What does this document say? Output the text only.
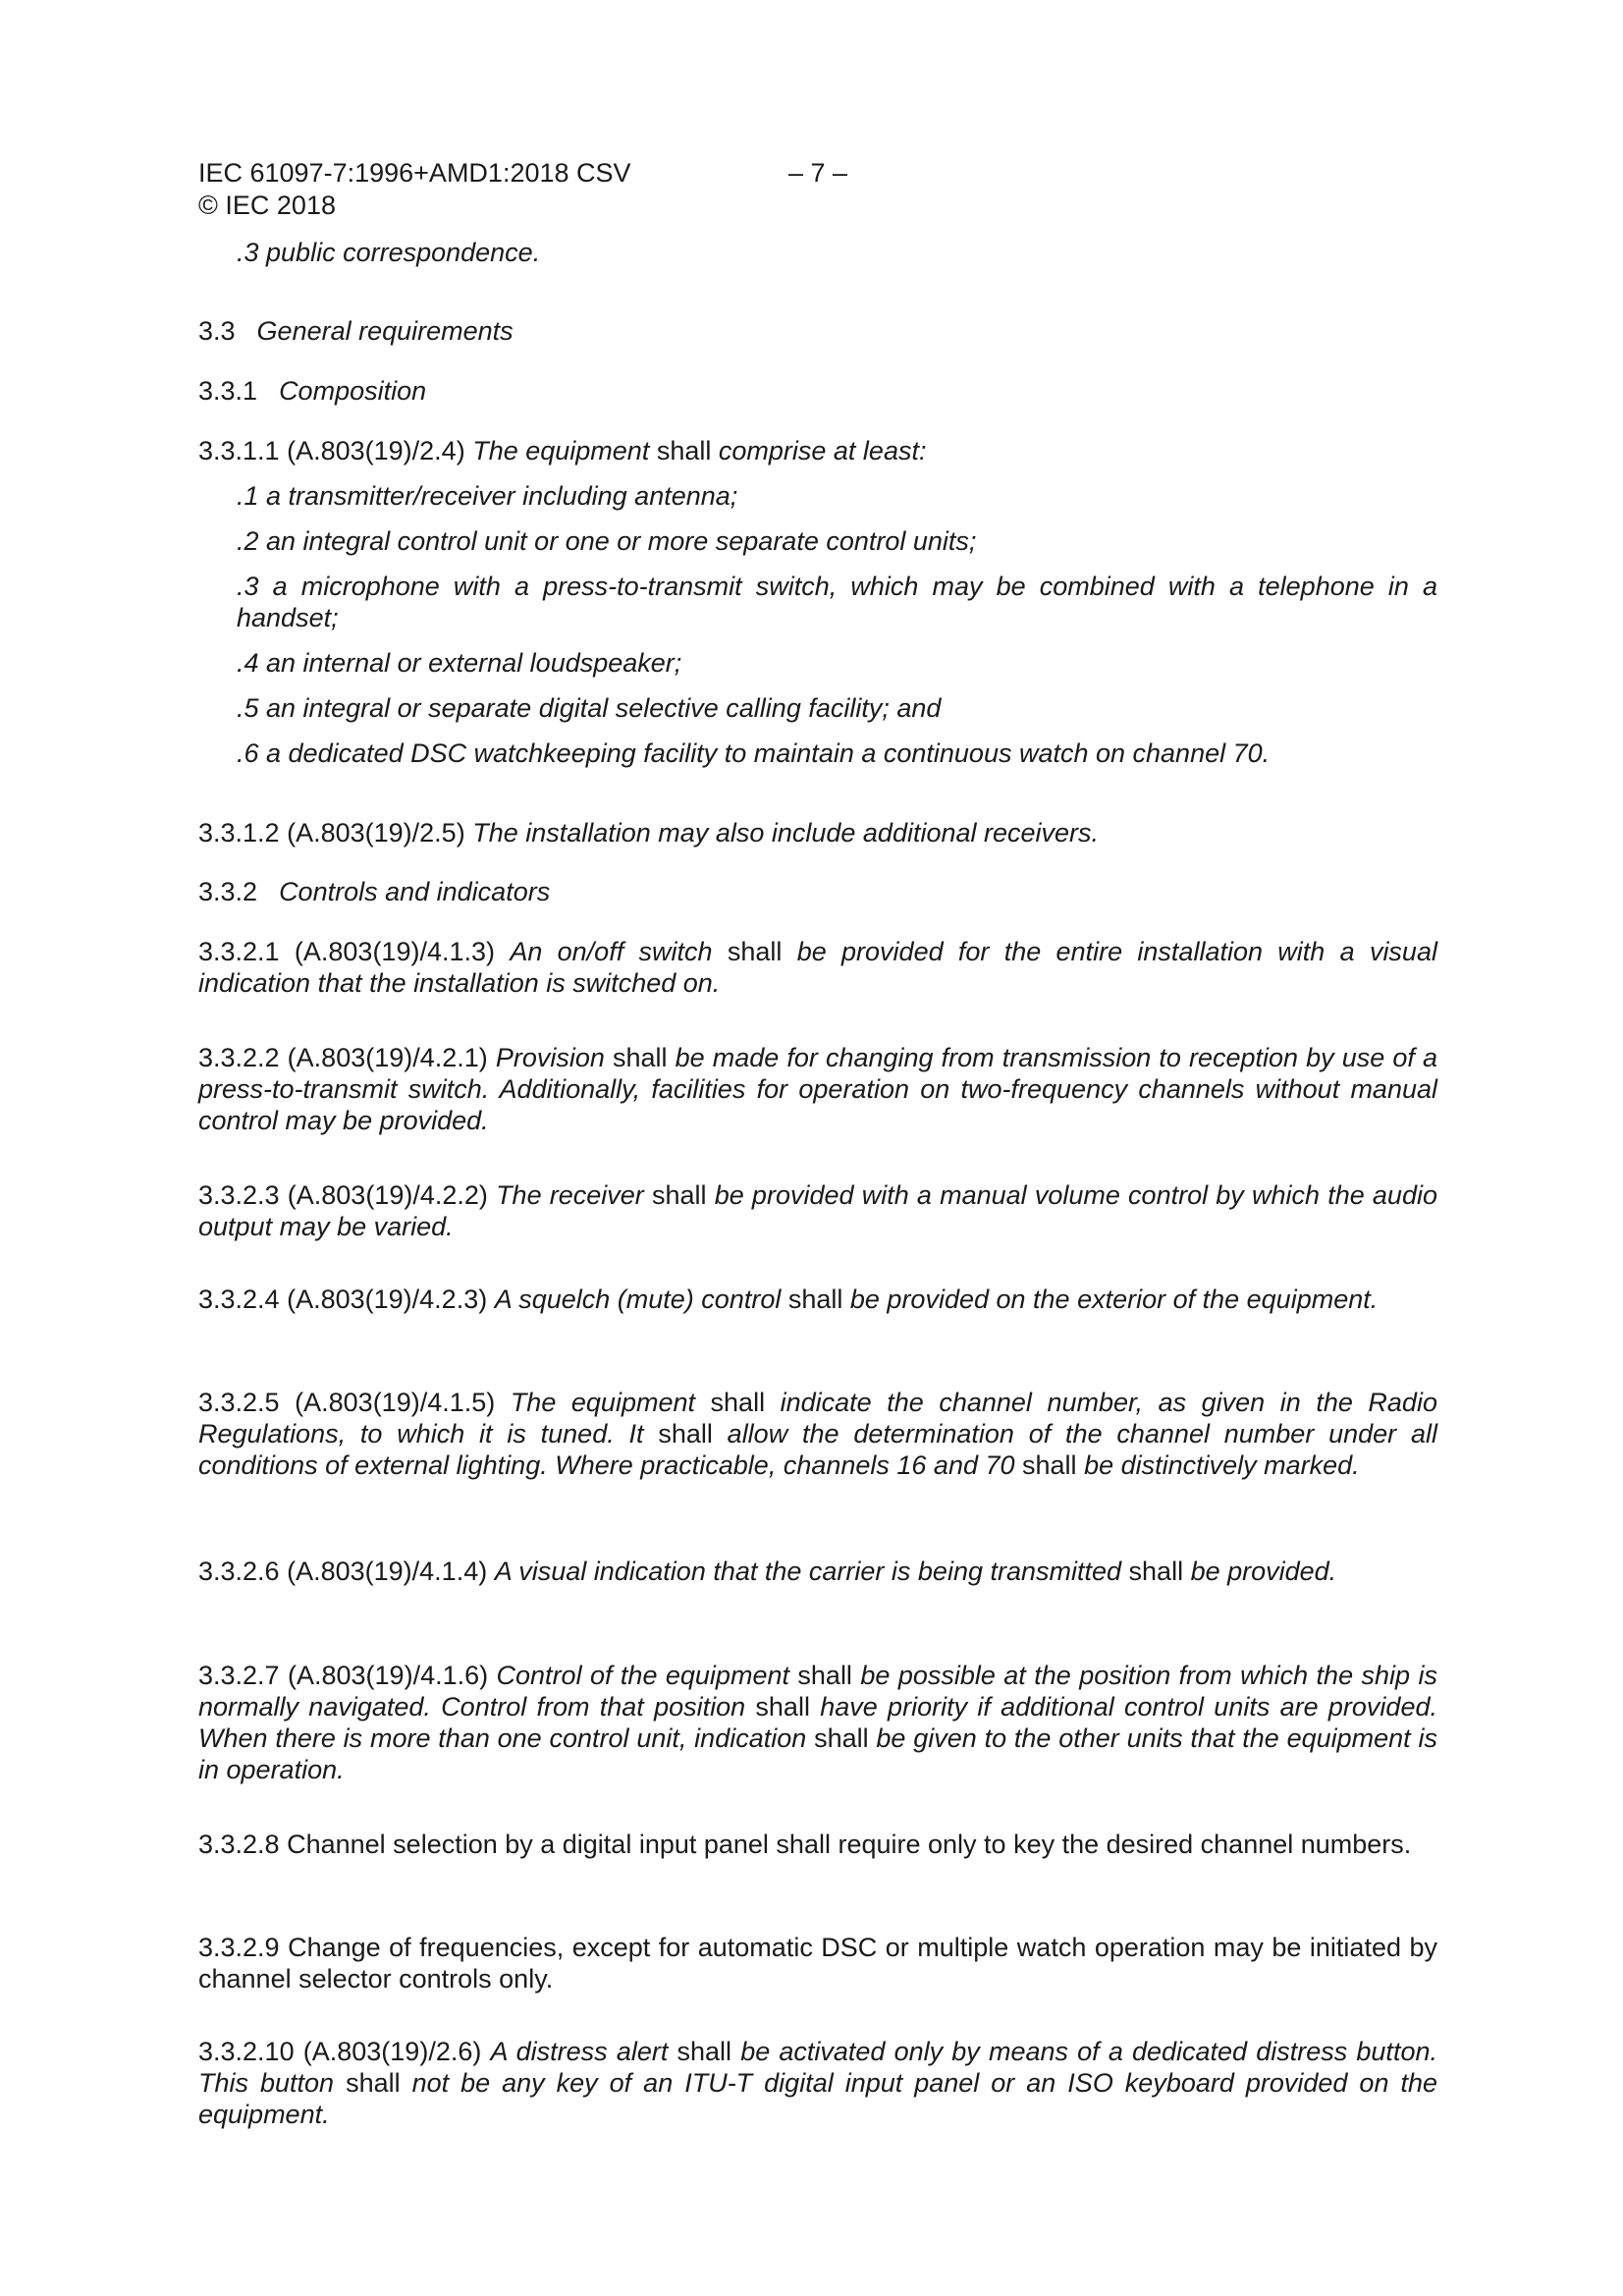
IEC 61097-7:1996+AMD1:2018 CSV	– 7 –
© IEC 2018
.3 public correspondence.
3.3 General requirements
3.3.1 Composition
3.3.1.1 (A.803(19)/2.4) The equipment shall comprise at least:
.1 a transmitter/receiver including antenna;
.2 an integral control unit or one or more separate control units;
.3 a microphone with a press-to-transmit switch, which may be combined with a telephone in a handset;
.4 an internal or external loudspeaker;
.5 an integral or separate digital selective calling facility; and
.6 a dedicated DSC watchkeeping facility to maintain a continuous watch on channel 70.
3.3.1.2 (A.803(19)/2.5) The installation may also include additional receivers.
3.3.2 Controls and indicators
3.3.2.1 (A.803(19)/4.1.3) An on/off switch shall be provided for the entire installation with a visual indication that the installation is switched on.
3.3.2.2 (A.803(19)/4.2.1) Provision shall be made for changing from transmission to reception by use of a press-to-transmit switch. Additionally, facilities for operation on two-frequency channels without manual control may be provided.
3.3.2.3 (A.803(19)/4.2.2) The receiver shall be provided with a manual volume control by which the audio output may be varied.
3.3.2.4 (A.803(19)/4.2.3) A squelch (mute) control shall be provided on the exterior of the equipment.
3.3.2.5 (A.803(19)/4.1.5) The equipment shall indicate the channel number, as given in the Radio Regulations, to which it is tuned. It shall allow the determination of the channel number under all conditions of external lighting. Where practicable, channels 16 and 70 shall be distinctively marked.
3.3.2.6 (A.803(19)/4.1.4) A visual indication that the carrier is being transmitted shall be provided.
3.3.2.7 (A.803(19)/4.1.6) Control of the equipment shall be possible at the position from which the ship is normally navigated. Control from that position shall have priority if additional control units are provided. When there is more than one control unit, indication shall be given to the other units that the equipment is in operation.
3.3.2.8 Channel selection by a digital input panel shall require only to key the desired channel numbers.
3.3.2.9 Change of frequencies, except for automatic DSC or multiple watch operation may be initiated by channel selector controls only.
3.3.2.10 (A.803(19)/2.6) A distress alert shall be activated only by means of a dedicated distress button. This button shall not be any key of an ITU-T digital input panel or an ISO keyboard provided on the equipment.
